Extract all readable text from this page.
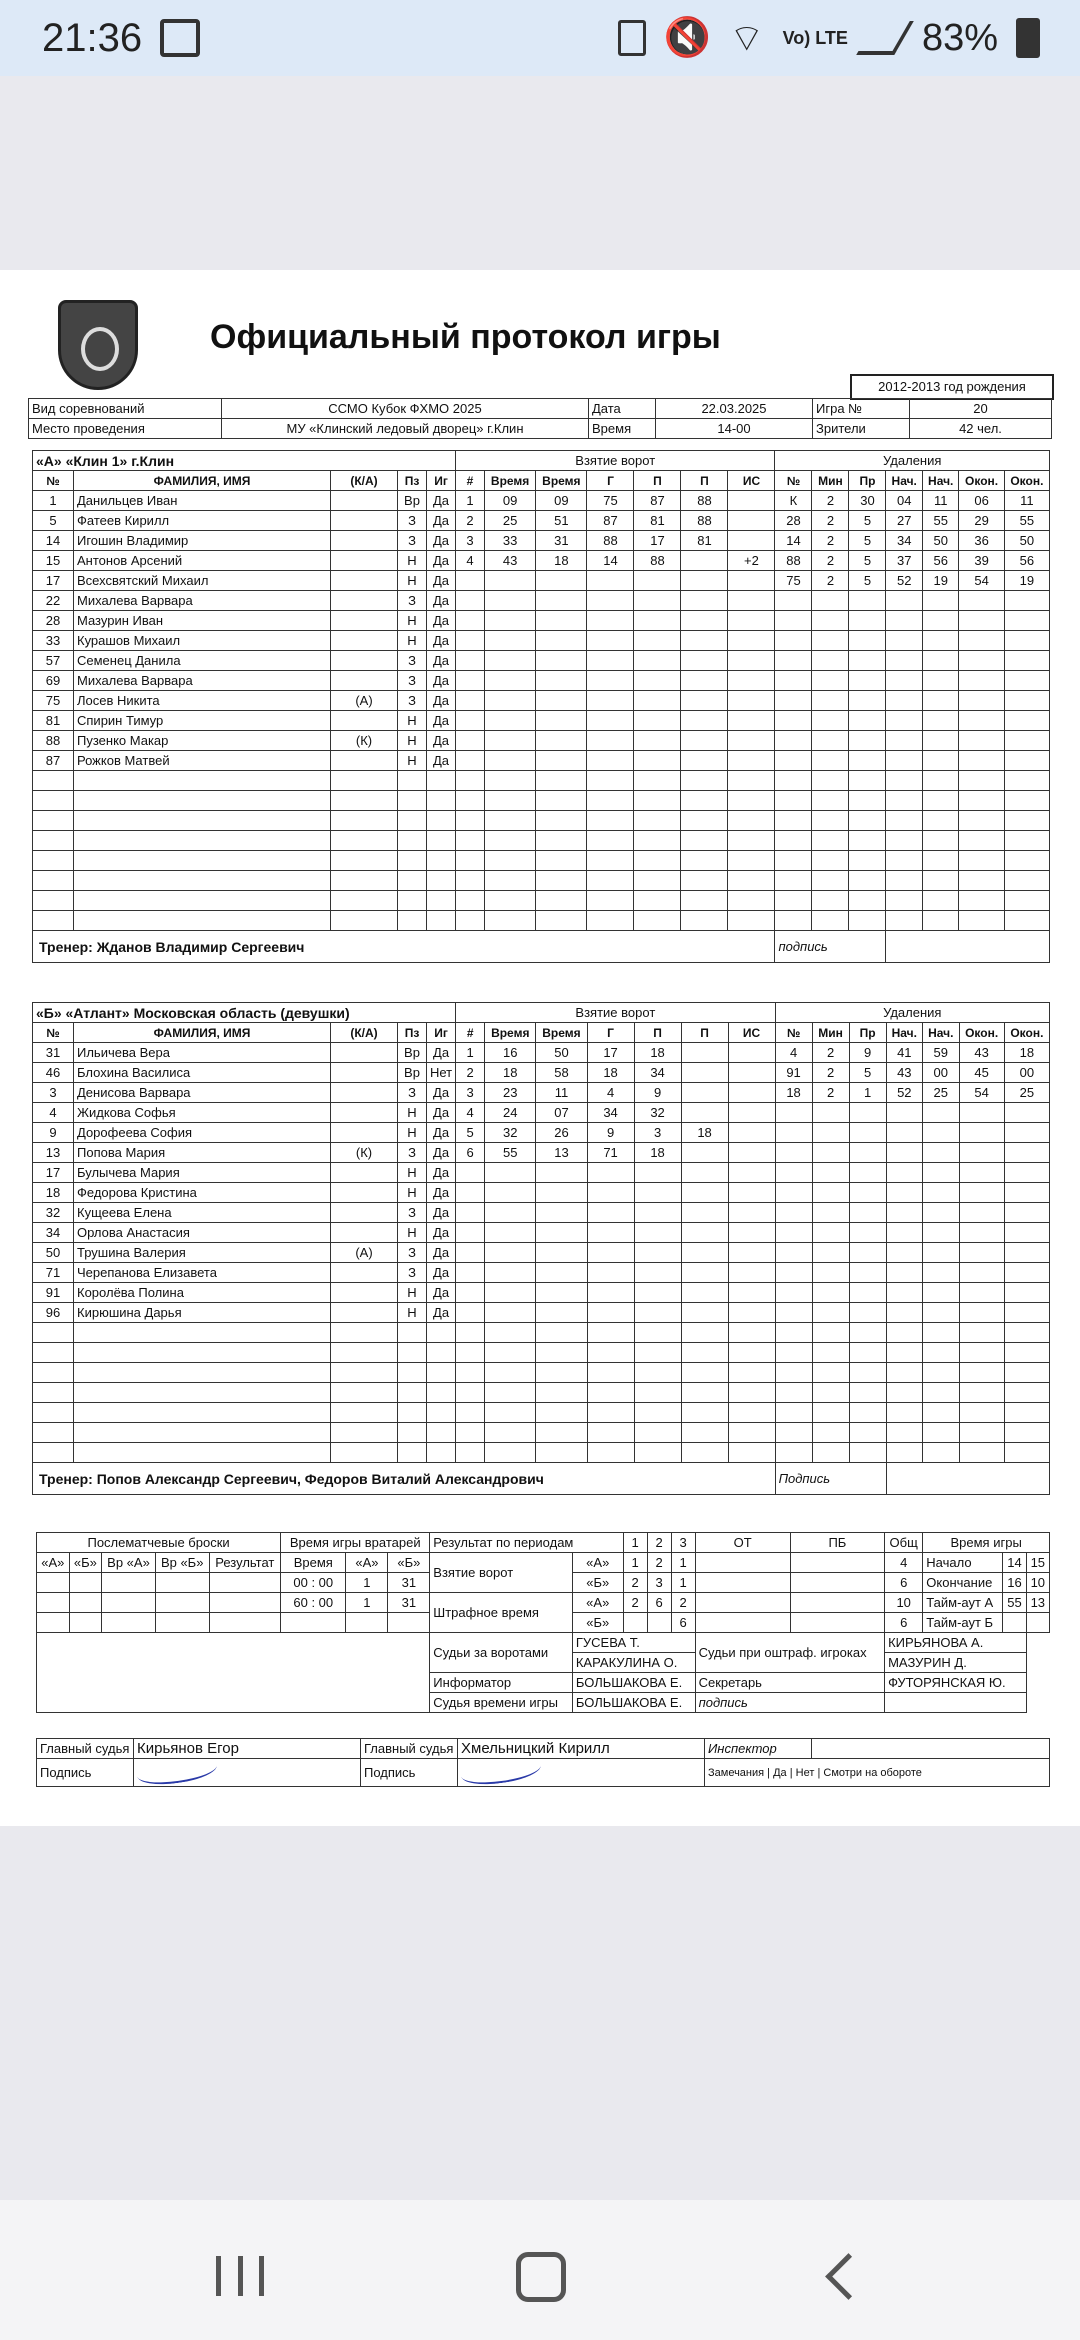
21:36	🔇 ⌔ Vo) LTE 83%
Официальный протокол игры
2012-2013 год рождения
Вид соревнований	ССМО Кубок ФХМО 2025	Дата	22.03.2025	Игра №	20
Место проведения	МУ «Клинский ледовый дворец» г.Клин	Время	14-00	Зрители	42 чел.
«А» «Клин 1» г.Клин					Взятие ворот							Удаления						
№	ФАМИЛИЯ, ИМЯ	(К/А)	Пз	Иг	#	Время	Время	Г	П	П	ИС	№	Мин	Пр	Нач.	Нач.	Окон.	Окон.
1	Данильцев Иван		Вр	Да	1	09	09	75	87	88		К	2	30	04	11	06	11
5	Фатеев Кирилл		З	Да	2	25	51	87	81	88		28	2	5	27	55	29	55
14	Игошин Владимир		З	Да	3	33	31	88	17	81		14	2	5	34	50	36	50
15	Антонов Арсений		Н	Да	4	43	18	14	88		+2	88	2	5	37	56	39	56
17	Всехсвятский Михаил		Н	Да								75	2	5	52	19	54	19
22	Михалева Варвара		З	Да														
28	Мазурин Иван		Н	Да														
33	Курашов Михаил		Н	Да														
57	Семенец Данила		З	Да														
69	Михалева Варвара		З	Да														
75	Лосев Никита	(А)	З	Да														
81	Спирин Тимур		Н	Да														
88	Пузенко Макар	(К)	Н	Да														
87	Рожков Матвей		Н	Да														

Тренер: Жданов Владимир Сергеевич												подпись						
«Б» «Атлант» Московская область (девушки)					Взятие ворот							Удаления						
№	ФАМИЛИЯ, ИМЯ	(К/А)	Пз	Иг	#	Время	Время	Г	П	П	ИС	№	Мин	Пр	Нач.	Нач.	Окон.	Окон.
31	Ильичева Вера		Вр	Да	1	16	50	17	18			4	2	9	41	59	43	18
46	Блохина Василиса		Вр	Нет	2	18	58	18	34			91	2	5	43	00	45	00
3	Денисова Варвара		З	Да	3	23	11	4	9			18	2	1	52	25	54	25
4	Жидкова Софья		Н	Да	4	24	07	34	32									
9	Дорофеева София		Н	Да	5	32	26	9	3	18								
13	Попова Мария	(К)	З	Да	6	55	13	71	18									
17	Булычева Мария		Н	Да														
18	Федорова Кристина		Н	Да														
32	Кущеева Елена		З	Да														
34	Орлова Анастасия		Н	Да														
50	Трушина Валерия	(А)	З	Да														
71	Черепанова Елизавета		З	Да														
91	Королёва Полина		Н	Да														
96	Кирюшина Дарья		Н	Да														

Тренер: Попов Александр Сергеевич, Федоров Виталий Александрович												Подпись						
Послематчевые броски					Время игры вратарей			Результат по периодам		1	2	3	ОТ	ПБ	Общ	Время игры		
«А»	«Б»	Вр «А»	Вр «Б»	Результат	Время	«А»	«Б»	Взятие ворот	«А»	1	2	1			4	Начало	14	15
					00 : 00	1	31		«Б»	2	3	1			6	Окончание	16	10
					60 : 00	1	31	Штрафное время	«А»	2	6	2			10	Тайм-аут А	55	13
									«Б»			6			6	Тайм-аут Б		
								Судьи за воротами	ГУСЕВА Т.				Судьи при оштраф. игроках		КИРЬЯНОВА А.			
									КАРАКУЛИНА О.						МАЗУРИН Д.			
								Информатор	БОЛЬШАКОВА Е.				Секретарь		ФУТОРЯНСКАЯ Ю.			
								Судья времени игры	БОЛЬШАКОВА Е.				подпись					
Главный судья	Кирьянов Егор	Главный судья	Хмельницкий Кирилл	Инспектор	
Подпись		Подпись		Замечания | Да | Нет | Смотри на обороте	
